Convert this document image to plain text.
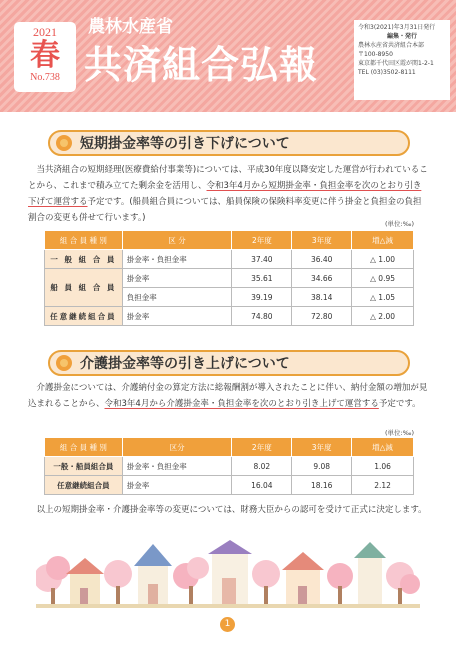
2021
春
No.738
農林水産省
共済組合弘報
令和3(2021)年3月31日発行
編集・発行
農林水産省共済組合本部
〒100-8950
東京都千代田区霞が関1-2-1
TEL (03)3502-8111
短期掛金率等の引き下げについて
当共済組合の短期経理(医療費給付事業等)については、平成30年度以降安定した運営が行われていることから、これまで積み立てた剰余金を活用し、令和3年4月から短期掛金率・負担金率を次のとおり引き下げて運営する予定です。(船員組合員については、船員保険の保険料率変更に伴う掛金と負担金の負担割合の変更も併せて行います。)
(単位:‰)
組 合 員 種 別	区 分	2年度	3年度	増△減
一 般 組 合 員	掛金率・負担金率	37.40	36.40	△ 1.00
船 員 組 合 員	掛金率	35.61	34.66	△ 0.95
	負担金率	39.19	38.14	△ 1.05
任意継続組合員	掛金率	74.80	72.80	△ 2.00
介護掛金率等の引き上げについて
介護掛金については、介護納付金の算定方法に総報酬割が導入されたことに伴い、納付金額の増加が見込まれることから、令和3年4月から介護掛金率・負担金率を次のとおり引き上げて運営する予定です。
(単位:‰)
組 合 員 種 別	区分	2年度	3年度	増△減
一般・船員組合員	掛金率・負担金率	8.02	9.08	1.06
任意継続組合員	掛金率	16.04	18.16	2.12
以上の短期掛金率・介護掛金率等の変更については、財務大臣からの認可を受けて正式に決定します。
1
